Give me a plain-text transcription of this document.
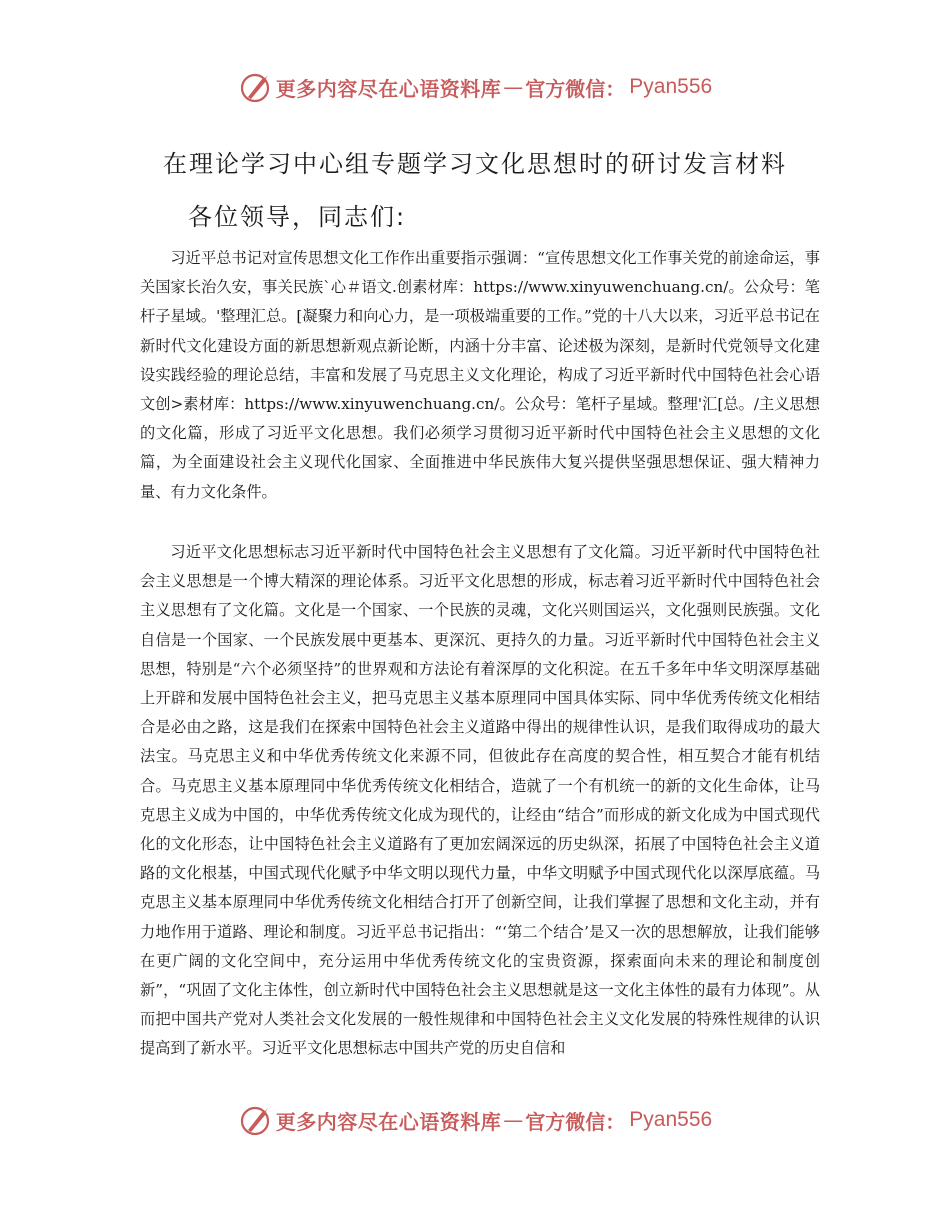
更多内容尽在心语资料库 — 官方微信： Pyan556
在理论学习中心组专题学习文化思想时的研讨发言材料
各位领导，同志们:

习近平总书记对宣传思想文化工作作出重要指示强调：“宣传思想文化工作事关党的前途命运，事关国家长治久安，事关民族`心＃语文.创素材库：https://www.xinyuwenchuang.cn/。公众号：笔杆子星域。'整理汇总。[凝聚力和向心力，是一项极端重要的工作。”党的十八大以来，习近平总书记在新时代文化建设方面的新思想新观点新论断，内涵十分丰富、论述极为深刻，是新时代党领导文化建设实践经验的理论总结，丰富和发展了马克思主义文化理论，构成了习近平新时代中国特色社会心语文创>素材库：https://www.xinyuwenchuang.cn/。公众号：笔杆子星域。整理'汇[总。/主义思想的文化篇，形成了习近平文化思想。我们必须学习贯彻习近平新时代中国特色社会主义思想的文化篇，为全面建设社会主义现代化国家、全面推进中华民族伟大复兴提供坚强思想保证、强大精神力量、有力文化条件。

习近平文化思想标志习近平新时代中国特色社会主义思想有了文化篇。习近平新时代中国特色社会主义思想是一个博大精深的理论体系。习近平文化思想的形成，标志着习近平新时代中国特色社会主义思想有了文化篇。文化是一个国家、一个民族的灵魂，文化兴则国运兴，文化强则民族强。文化自信是一个国家、一个民族发展中更基本、更深沉、更持久的力量。习近平新时代中国特色社会主义思想，特别是“六个必须坚持”的世界观和方法论有着深厚的文化积淀。在五千多年中华文明深厚基础上开辟和发展中国特色社会主义，把马克思主义基本原理同中国具体实际、同中华优秀传统文化相结合是必由之路，这是我们在探索中国特色社会主义道路中得出的规律性认识，是我们取得成功的最大法宝。马克思主义和中华优秀传统文化来源不同，但彼此存在高度的契合性，相互契合才能有机结合。马克思主义基本原理同中华优秀传统文化相结合，造就了一个有机统一的新的文化生命体，让马克思主义成为中国的，中华优秀传统文化成为现代的，让经由“结合”而形成的新文化成为中国式现代化的文化形态，让中国特色社会主义道路有了更加宏阔深远的历史纵深，拓展了中国特色社会主义道路的文化根基，中国式现代化赋予中华文明以现代力量，中华文明赋予中国式现代化以深厚底蕴。马克思主义基本原理同中华优秀传统文化相结合打开了创新空间，让我们掌握了思想和文化主动，并有力地作用于道路、理论和制度。习近平总书记指出：“‘第二个结合’是又一次的思想解放，让我们能够在更广阔的文化空间中，充分运用中华优秀传统文化的宝贵资源，探索面向未来的理论和制度创新”，“巩固了文化主体性，创立新时代中国特色社会主义思想就是这一文化主体性的最有力体现”。从而把中国共产党对人类社会文化发展的一般性规律和中国特色社会主义文化发展的特殊性规律的认识提高到了新水平。习近平文化思想标志中国共产党的历史自信和

更多内容尽在心语资料库 — 官方微信： Pyan556
